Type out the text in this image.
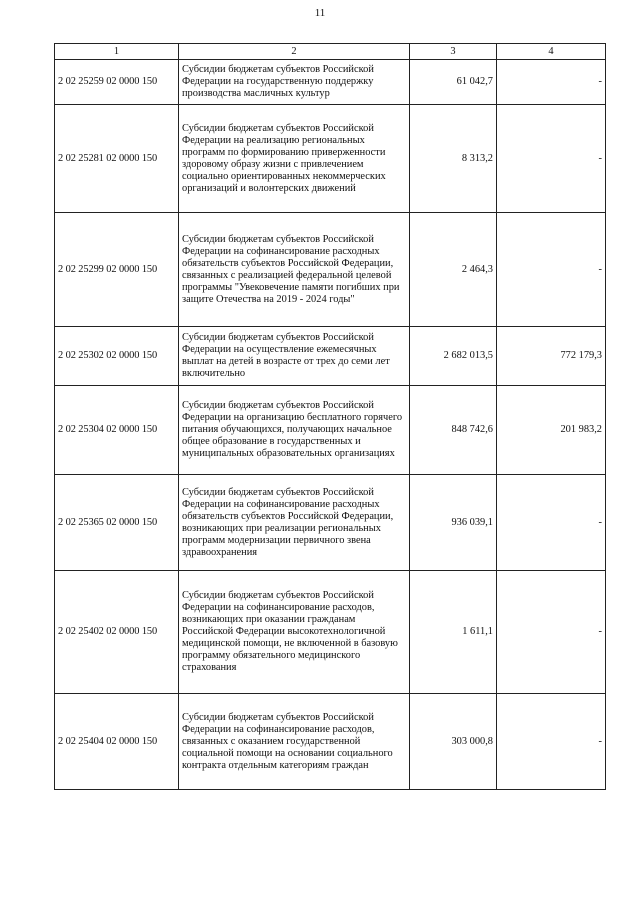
11
1	2	3	4
2 02 25259 02 0000 150	Субсидии бюджетам субъектов Российской Федерации на государственную поддержку производства масличных культур	61 042,7	-
2 02 25281 02 0000 150	Субсидии бюджетам субъектов Российской Федерации на реализацию региональных программ по формированию приверженности здоровому образу жизни с привлечением социально ориентированных некоммерческих организаций и волонтерских движений	8 313,2	-
2 02 25299 02 0000 150	Субсидии бюджетам субъектов Российской Федерации на софинансирование расходных обязательств субъектов Российской Федерации, связанных с реализацией федеральной целевой программы "Увековечение памяти погибших при защите Отечества на 2019 - 2024 годы"	2 464,3	-
2 02 25302 02 0000 150	Субсидии бюджетам субъектов Российской Федерации на осуществление ежемесячных выплат на детей в возрасте от трех до семи лет включительно	2 682 013,5	772 179,3
2 02 25304 02 0000 150	Субсидии бюджетам субъектов Российской Федерации на организацию бесплатного горячего питания обучающихся, получающих начальное общее образование в государственных и муниципальных образовательных организациях	848 742,6	201 983,2
2 02 25365 02 0000 150	Субсидии бюджетам субъектов Российской Федерации на софинансирование расходных обязательств субъектов Российской Федерации, возникающих при реализации региональных программ модернизации первичного звена здравоохранения	936 039,1	-
2 02 25402 02 0000 150	Субсидии бюджетам субъектов Российской Федерации на софинансирование расходов, возникающих при оказании гражданам Российской Федерации высокотехнологичной медицинской помощи, не включенной в базовую программу обязательного медицинского страхования	1 611,1	-
2 02 25404 02 0000 150	Субсидии бюджетам субъектов Российской Федерации на софинансирование расходов, связанных с оказанием государственной социальной помощи на основании социального контракта отдельным категориям граждан	303 000,8	-
